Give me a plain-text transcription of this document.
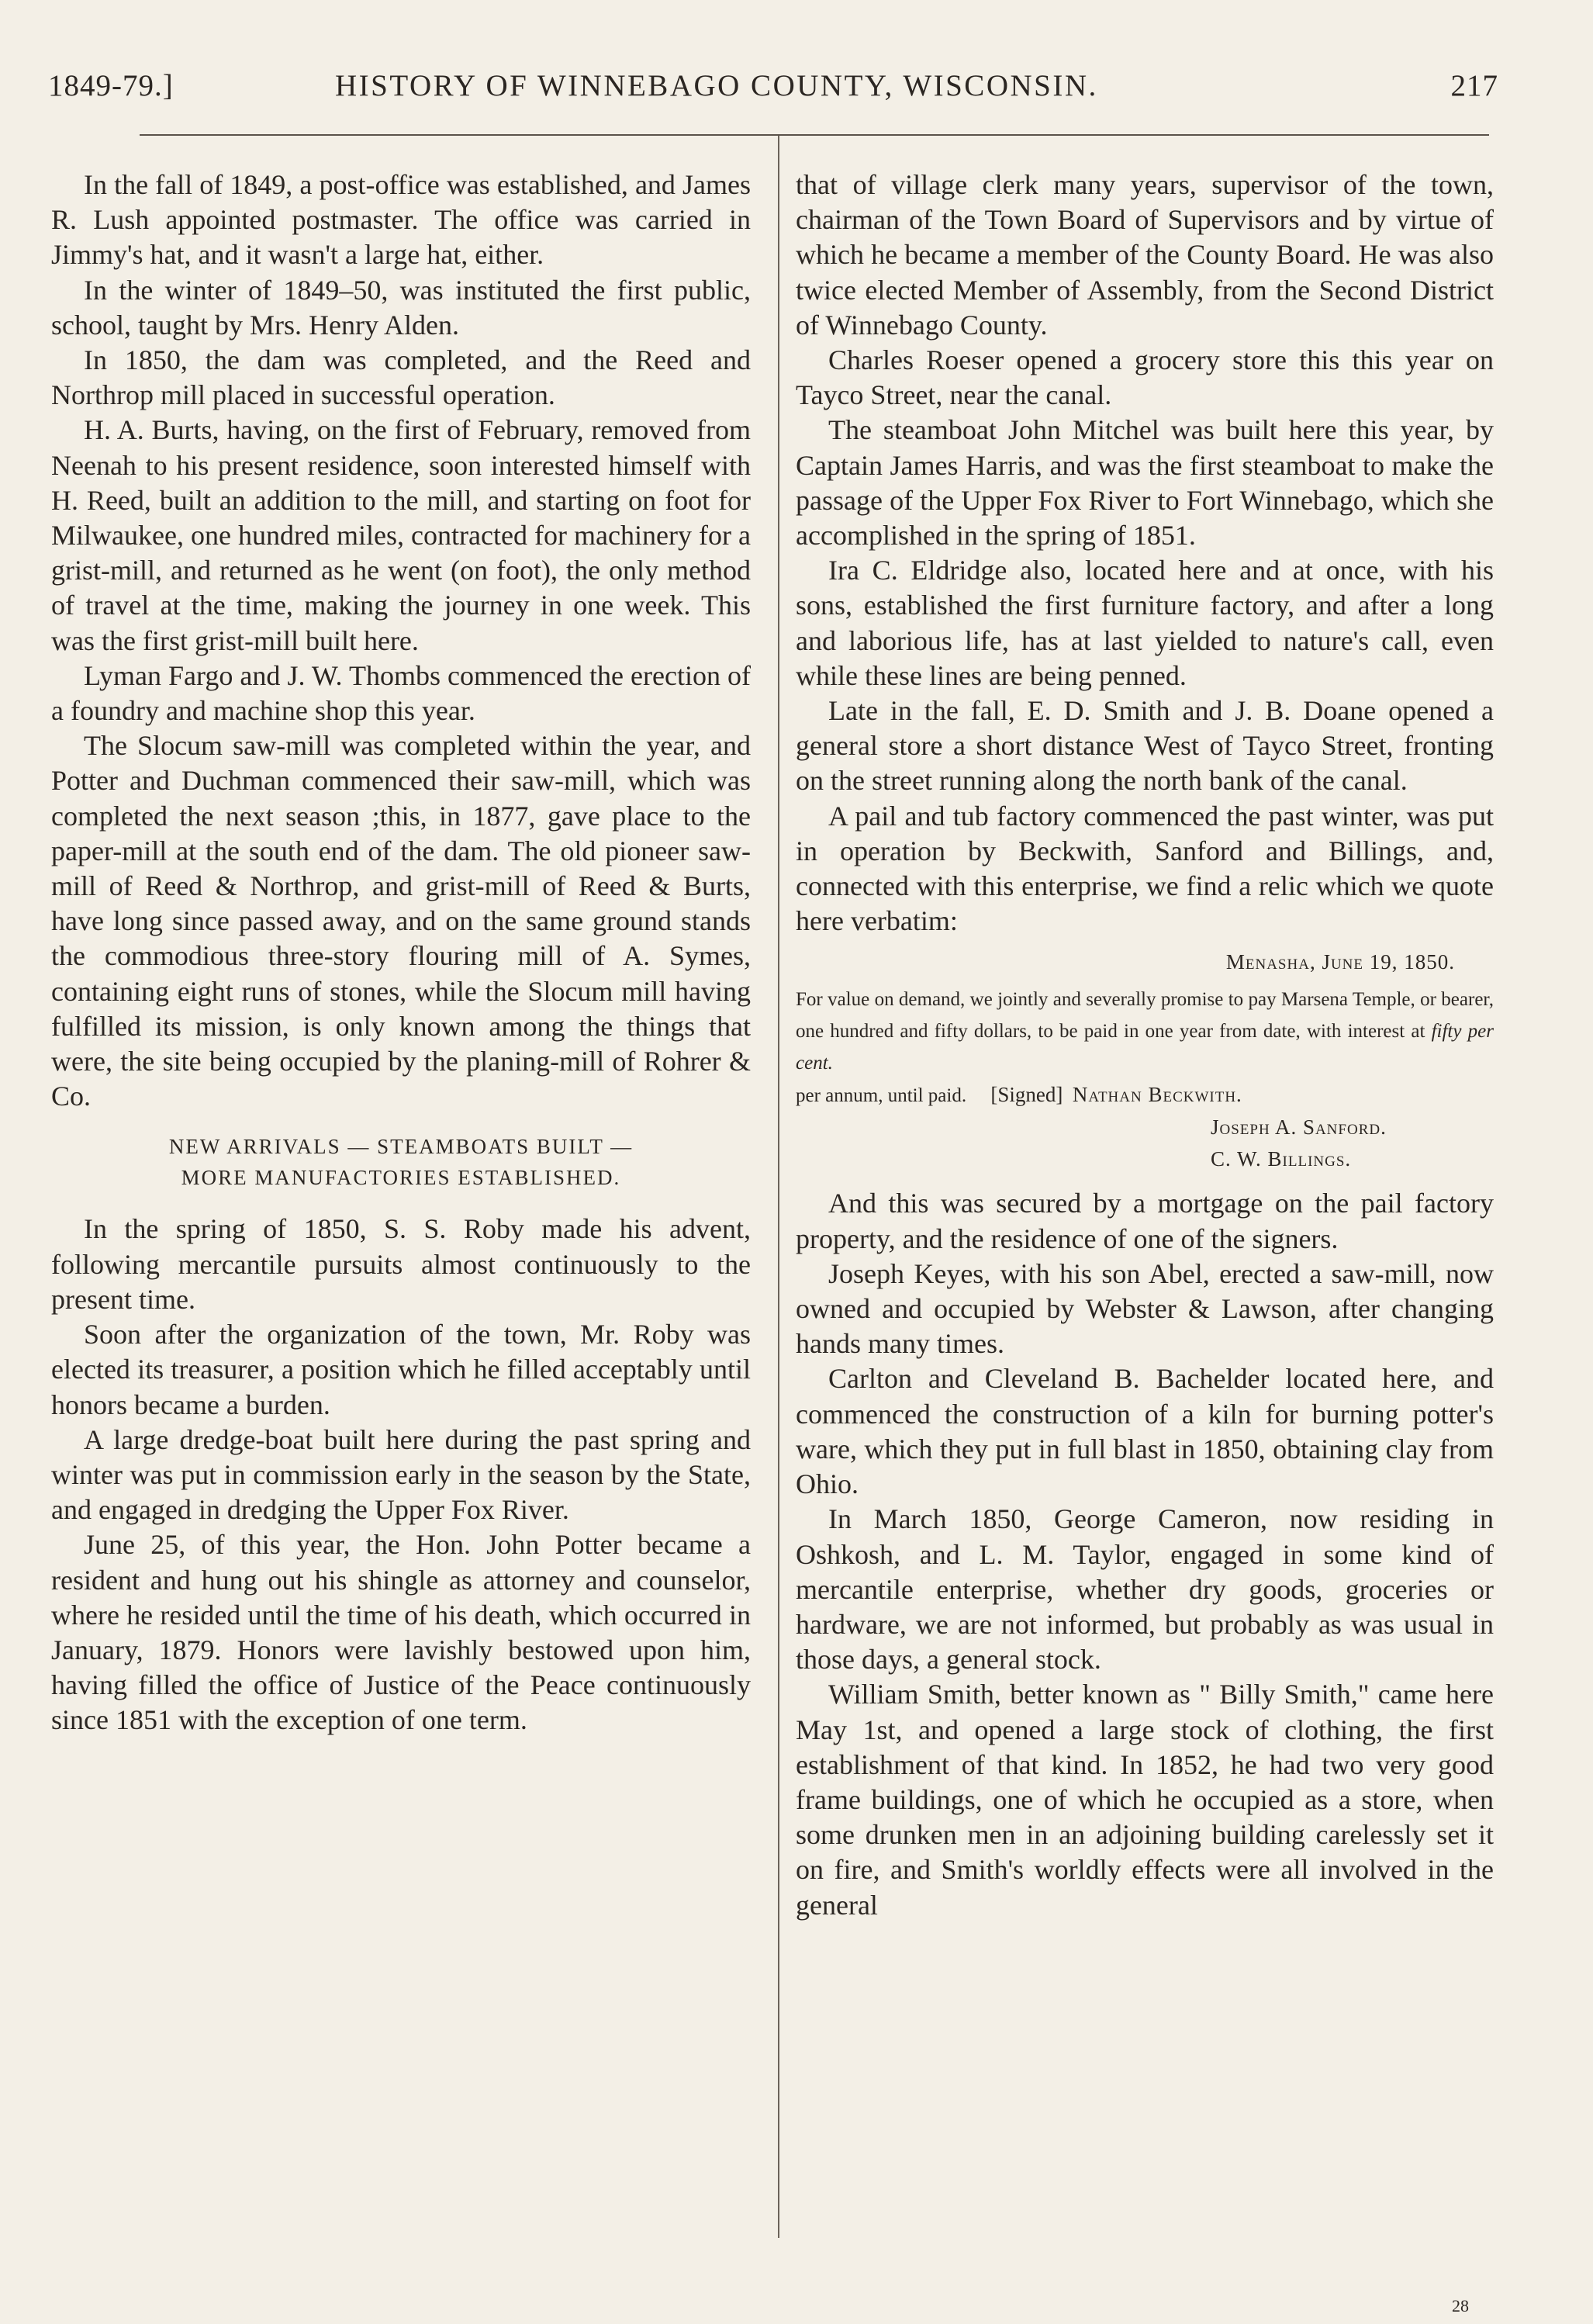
1849-79.]	HISTORY OF WINNEBAGO COUNTY, WISCONSIN.	217

In the fall of 1849, a post-office was established, and James R. Lush appointed postmaster. The office was carried in Jimmy's hat, and it wasn't a large hat, either.

In the winter of 1849–50, was instituted the first public, school, taught by Mrs. Henry Alden.

In 1850, the dam was completed, and the Reed and Northrop mill placed in successful operation.

H. A. Burts, having, on the first of February, removed from Neenah to his present residence, soon interested himself with H. Reed, built an addition to the mill, and starting on foot for Milwaukee, one hundred miles, contracted for machinery for a grist-mill, and returned as he went (on foot), the only method of travel at the time, making the journey in one week. This was the first grist-mill built here.

Lyman Fargo and J. W. Thombs commenced the erection of a foundry and machine shop this year.

The Slocum saw-mill was completed within the year, and Potter and Duchman commenced their saw-mill, which was completed the next season ;this, in 1877, gave place to the paper-mill at the south end of the dam. The old pioneer saw-mill of Reed & Northrop, and grist-mill of Reed & Burts, have long since passed away, and on the same ground stands the commodious three-story flouring mill of A. Symes, containing eight runs of stones, while the Slocum mill having fulfilled its mission, is only known among the things that were, the site being occupied by the planing-mill of Rohrer & Co.

NEW ARRIVALS — STEAMBOATS BUILT —
MORE MANUFACTORIES ESTABLISHED.

In the spring of 1850, S. S. Roby made his advent, following mercantile pursuits almost continuously to the present time.

Soon after the organization of the town, Mr. Roby was elected its treasurer, a position which he filled acceptably until honors became a burden.

A large dredge-boat built here during the past spring and winter was put in commission early in the season by the State, and engaged in dredging the Upper Fox River.

June 25, of this year, the Hon. John Potter became a resident and hung out his shingle as attorney and counselor, where he resided until the time of his death, which occurred in January, 1879. Honors were lavishly bestowed upon him, having filled the office of Justice of the Peace continuously since 1851 with the exception of one term.

that of village clerk many years, supervisor of the town, chairman of the Town Board of Supervisors and by virtue of which he became a member of the County Board. He was also twice elected Member of Assembly, from the Second District of Winnebago County.

Charles Roeser opened a grocery store this this year on Tayco Street, near the canal.

The steamboat John Mitchel was built here this year, by Captain James Harris, and was the first steamboat to make the passage of the Upper Fox River to Fort Winnebago, which she accomplished in the spring of 1851.

Ira C. Eldridge also, located here and at once, with his sons, established the first furniture factory, and after a long and laborious life, has at last yielded to nature's call, even while these lines are being penned.

Late in the fall, E. D. Smith and J. B. Doane opened a general store a short distance West of Tayco Street, fronting on the street running along the north bank of the canal.

A pail and tub factory commenced the past winter, was put in operation by Beckwith, Sanford and Billings, and, connected with this enterprise, we find a relic which we quote here verbatim:

Menasha, June 19, 1850.

For value on demand, we jointly and severally promise to pay Marsena Temple, or bearer, one hundred and fifty dollars, to be paid in one year from date, with interest at fifty per cent.

per annum, until paid. [Signed] Nathan Beckwith.

Joseph A. Sanford.

C. W. Billings.

And this was secured by a mortgage on the pail factory property, and the residence of one of the signers.

Joseph Keyes, with his son Abel, erected a saw-mill, now owned and occupied by Webster & Lawson, after changing hands many times.

Carlton and Cleveland B. Bachelder located here, and commenced the construction of a kiln for burning potter's ware, which they put in full blast in 1850, obtaining clay from Ohio.

In March 1850, George Cameron, now residing in Oshkosh, and L. M. Taylor, engaged in some kind of mercantile enterprise, whether dry goods, groceries or hardware, we are not informed, but probably as was usual in those days, a general stock.

William Smith, better known as " Billy Smith," came here May 1st, and opened a large stock of clothing, the first establishment of that kind. In 1852, he had two very good frame buildings, one of which he occupied as a store, when some drunken men in an adjoining building carelessly set it on fire, and Smith's worldly effects were all involved in the general

28
